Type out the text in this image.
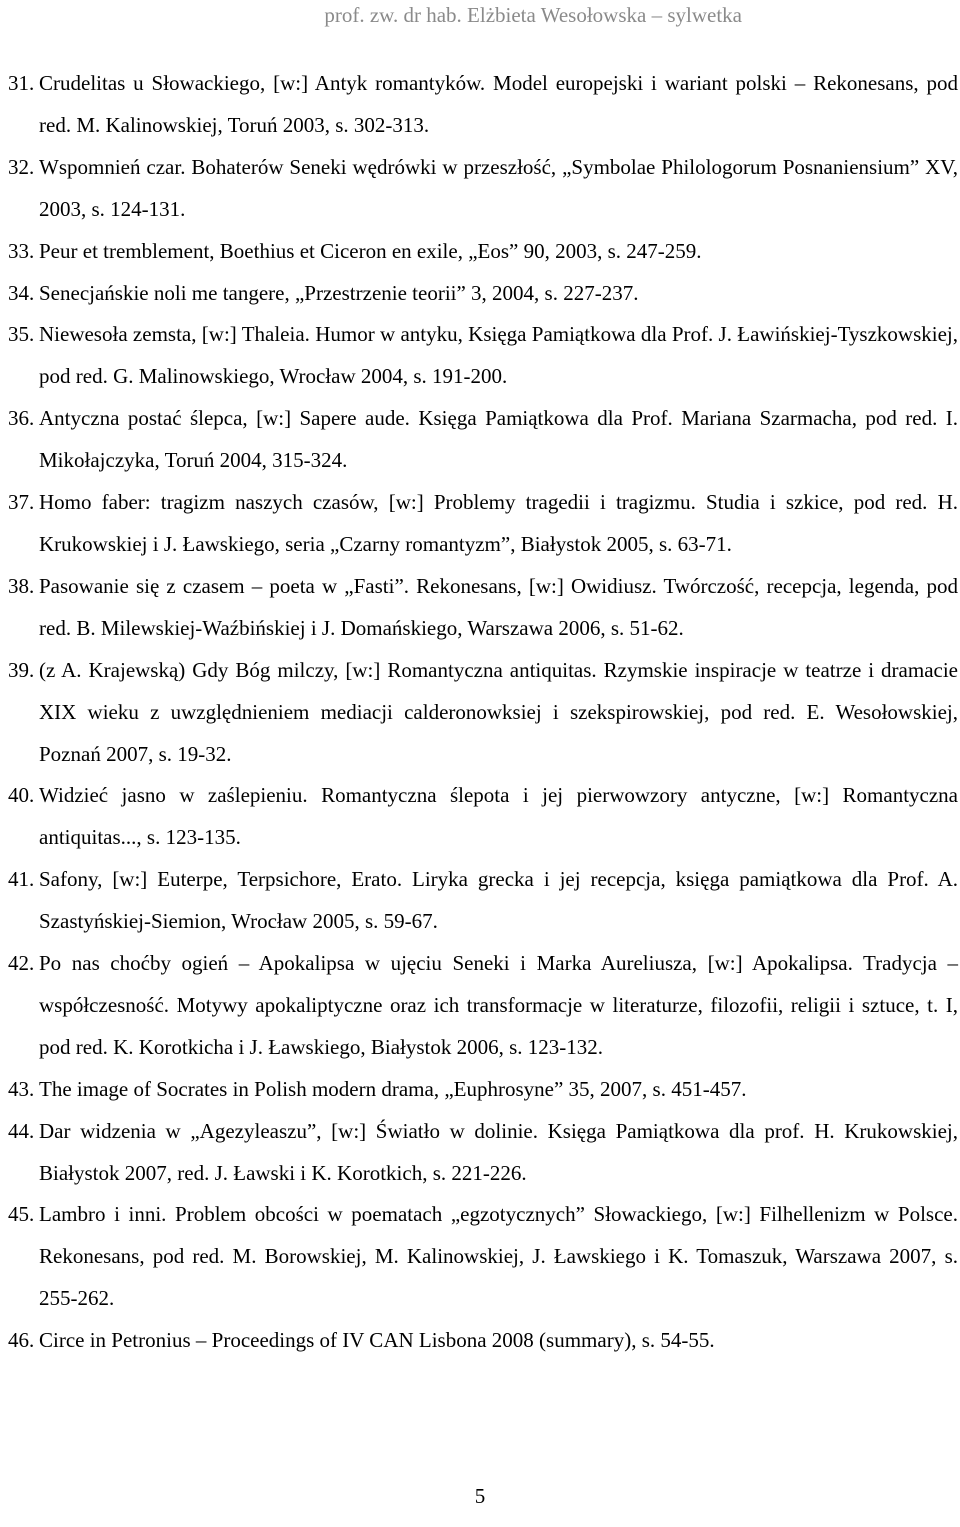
prof. zw. dr hab. Elżbieta Wesołowska – sylwetka
31. Crudelitas u Słowackiego, [w:] Antyk romantyków. Model europejski i wariant polski – Rekonesans, pod red. M. Kalinowskiej, Toruń 2003, s. 302-313.
32. Wspomnień czar. Bohaterów Seneki wędrówki w przeszłość, „Symbolae Philologorum Posnaniensium” XV, 2003, s. 124-131.
33. Peur et tremblement, Boethius et Ciceron en exile, „Eos” 90, 2003, s. 247-259.
34. Senecjańskie noli me tangere, „Przestrzenie teorii” 3, 2004, s. 227-237.
35. Niewesoła zemsta, [w:] Thaleia. Humor w antyku, Księga Pamiątkowa dla Prof. J. Ławińskiej-Tyszkowskiej, pod red. G. Malinowskiego, Wrocław 2004, s. 191-200.
36. Antyczna postać ślepca, [w:] Sapere aude. Księga Pamiątkowa dla Prof. Mariana Szarmacha, pod red. I. Mikołajczyka, Toruń 2004, 315-324.
37. Homo faber: tragizm naszych czasów, [w:] Problemy tragedii i tragizmu. Studia i szkice, pod red. H. Krukowskiej i J. Ławskiego, seria „Czarny romantyzm”, Białystok 2005, s. 63-71.
38. Pasowanie się z czasem – poeta w „Fasti”. Rekonesans, [w:] Owidiusz. Twórczość, recepcja, legenda, pod red. B. Milewskiej-Waźbińskiej i J. Domańskiego, Warszawa 2006, s. 51-62.
39. (z A. Krajewską) Gdy Bóg milczy, [w:] Romantyczna antiquitas. Rzymskie inspiracje w teatrze i dramacie XIX wieku z uwzględnieniem mediacji calderonowksiej i szekspirowskiej, pod red. E. Wesołowskiej, Poznań 2007, s. 19-32.
40. Widzieć jasno w zaślepieniu. Romantyczna ślepota i jej pierwowzory antyczne, [w:] Romantyczna antiquitas..., s. 123-135.
41. Safony, [w:] Euterpe, Terpsichore, Erato. Liryka grecka i jej recepcja, księga pamiątkowa dla Prof. A. Szastyńskiej-Siemion, Wrocław 2005, s. 59-67.
42. Po nas choćby ogień – Apokalipsa w ujęciu Seneki i Marka Aureliusza, [w:] Apokalipsa. Tradycja – współczesność. Motywy apokaliptyczne oraz ich transformacje w literaturze, filozofii, religii i sztuce, t. I, pod red. K. Korotkicha i J. Ławskiego, Białystok 2006, s. 123-132.
43. The image of Socrates in Polish modern drama, „Euphrosyne” 35, 2007, s. 451-457.
44. Dar widzenia w „Agezyleaszu”, [w:] Światło w dolinie. Księga Pamiątkowa dla prof. H. Krukowskiej, Białystok 2007, red. J. Ławski i K. Korotkich, s. 221-226.
45. Lambro i inni. Problem obcości w poematach „egzotycznych” Słowackiego, [w:] Filhellenizm w Polsce. Rekonesans, pod red. M. Borowskiej, M. Kalinowskiej, J. Ławskiego i K. Tomaszuk, Warszawa 2007, s. 255-262.
46. Circe in Petronius – Proceedings of IV CAN Lisbona 2008 (summary), s. 54-55.
5
